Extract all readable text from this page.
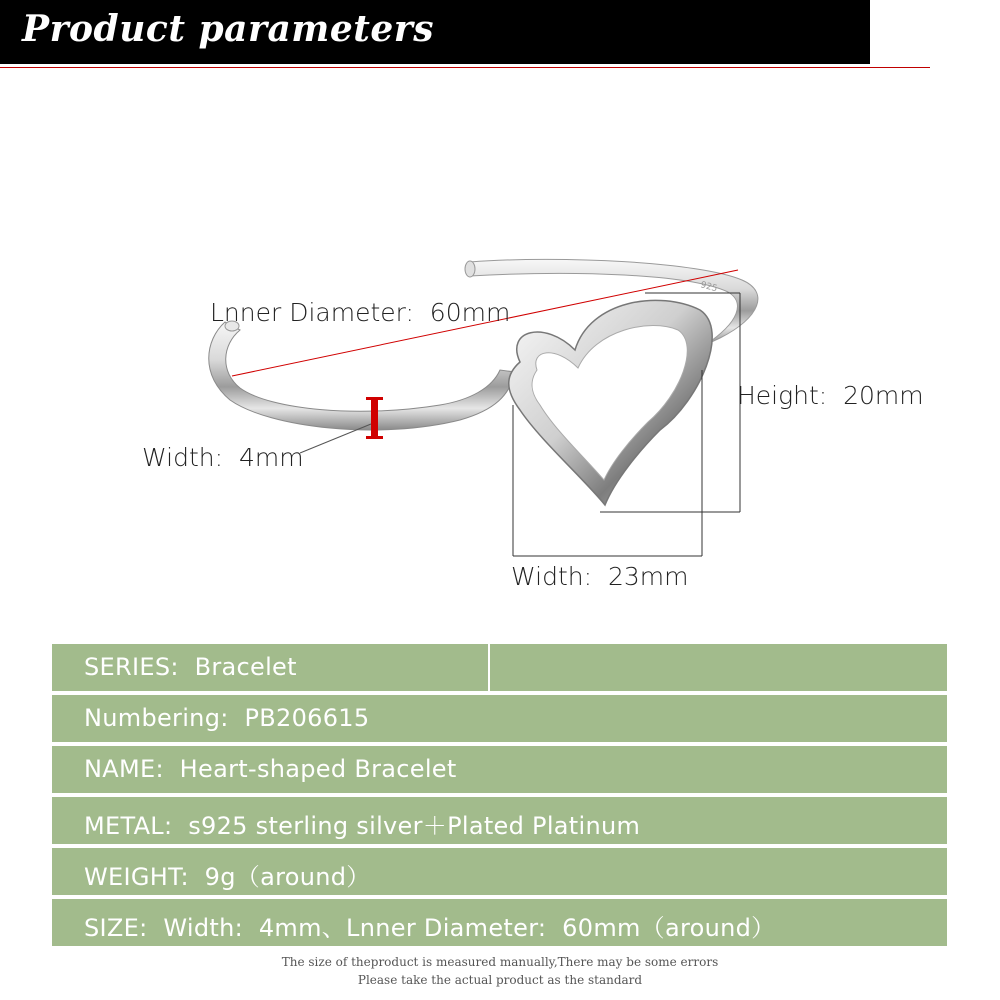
Product parameters
925
Lnner Diameter:  60mm
Height:  20mm
Width:  4mm
Width:  23mm
SERIES:  Bracelet
Numbering:  PB206615
NAME:  Heart-shaped Bracelet
METAL:  s925 sterling silver＋Plated Platinum
WEIGHT:  9g（around）
SIZE:  Width:  4mm、Lnner Diameter:  60mm（around）
The size of theproduct is measured manually,There may be some errors
Please take the actual product as the standard
